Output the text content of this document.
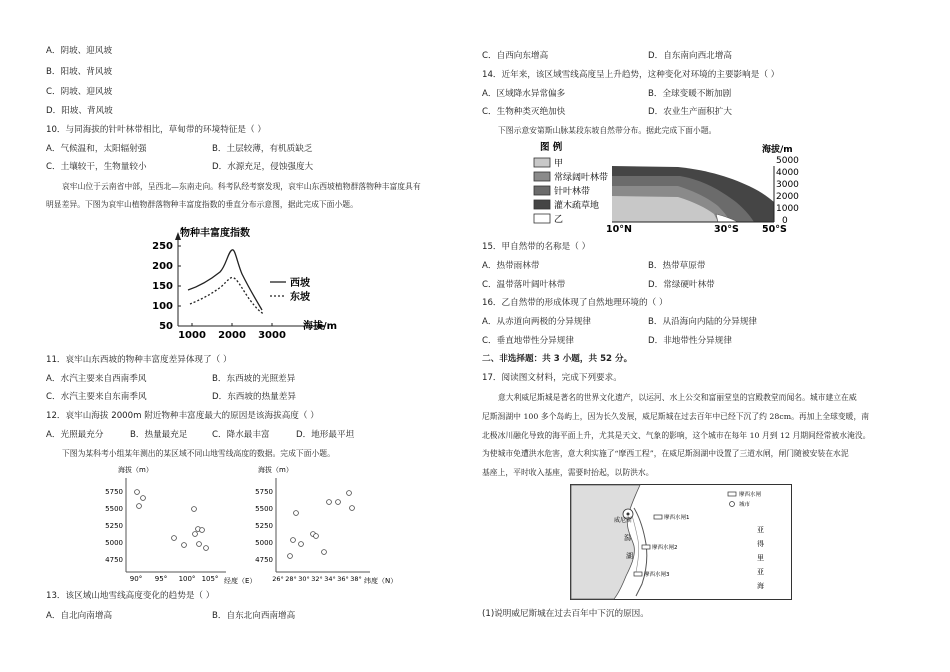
A．阴坡、迎风坡
B．阳坡、背风坡
C．阴坡、迎风坡
D．阳坡、背风坡
10．与同海拔的针叶林带相比，草甸带的环境特征是（ ）
A．气候温和，太阳辐射强	B．土层较薄，有机质缺乏
C．土壤较干，生物量较小	D．水源充足，侵蚀强度大
哀牢山位于云南省中部，呈西北—东南走向。科考队经考察发现，哀牢山东西坡植物群落物种丰富度具有
明显差异。下图为哀牢山植物群落物种丰富度指数的垂直分布示意图，据此完成下面小题。
250
200
150
100
50
1000 2000 3000
物种丰富度指数
海拔/m
西坡
东坡
11．哀牢山东西坡的物种丰富度差异体现了（ ）
A．水汽主要来自西南季风	B．东西坡的光照差异
C．水汽主要来自东南季风	D．东西坡的热量差异
12．哀牢山海拔 2000m 附近物种丰富度最大的原因是该海拔高度（ ）
A．光照最充分	B．热量最充足	C．降水最丰富	D．地形最平坦
下图为某科考小组某年测出的某区域不同山地雪线高度的数据。完成下面小题。
海拔（m）
5750
5500
5250
5000
4750
90° 95° 100° 105° 经度（E）
海拔（m）
5750
5500
5250
5000
4750
26° 28° 30° 32° 34° 36° 38° 纬度（N）
13．该区域山地雪线高度变化的趋势是（ ）
A．自北向南增高	B．自东北向西南增高
C．自西向东增高	D．自东南向西北增高
14．近年来，该区域雪线高度呈上升趋势，这种变化对环境的主要影响是（ ）
A．区域降水异常偏多	B．全球变暖不断加剧
C．生物种类灭绝加快	D．农业生产面积扩大
下图示意安第斯山脉某段东坡自然带分布。据此完成下面小题。
图 例
甲
常绿阔叶林带
针叶林带
灌木疏草地
乙
海拔/m
5000
4000
3000
2000
1000
0
10°N	30°S 50°S
15．甲自然带的名称是（ ）
A．热带雨林带	B．热带草原带
C．温带落叶阔叶林带	D．常绿硬叶林带
16．乙自然带的形成体现了自然地理环境的（ ）
A．从赤道向两极的分异规律	B．从沿海向内陆的分异规律
C．垂直地带性分异规律	D．非地带性分异规律
二、非选择题：共 3 小题，共 52 分。
17．阅读图文材料，完成下列要求。
意大利威尼斯城是著名的世界文化遗产，以运河、水上公交和富丽堂皇的宫殿教堂而闻名。城市建立在威
尼斯潟湖中 100 多个岛屿上，因为长久发展，威尼斯城在过去百年中已经下沉了约 28cm。再加上全球变暖，南
北极冰川融化导致的海平面上升，尤其是天文、气象的影响，这个城市在每年 10 月到 12 月期间经常被水淹没。
为使城市免遭洪水危害，意大利实施了“摩西工程”，在威尼斯潟湖中设置了三道水闸，闸门随被安装在水泥
基座上，平时收入基座，需要时抬起，以防洪水。
威尼斯
潟
湖
摩西水闸1
摩西水闸2
摩西水闸3
摩西水闸
城市
亚
得
里
亚
海
(1)说明威尼斯城在过去百年中下沉的原因。
